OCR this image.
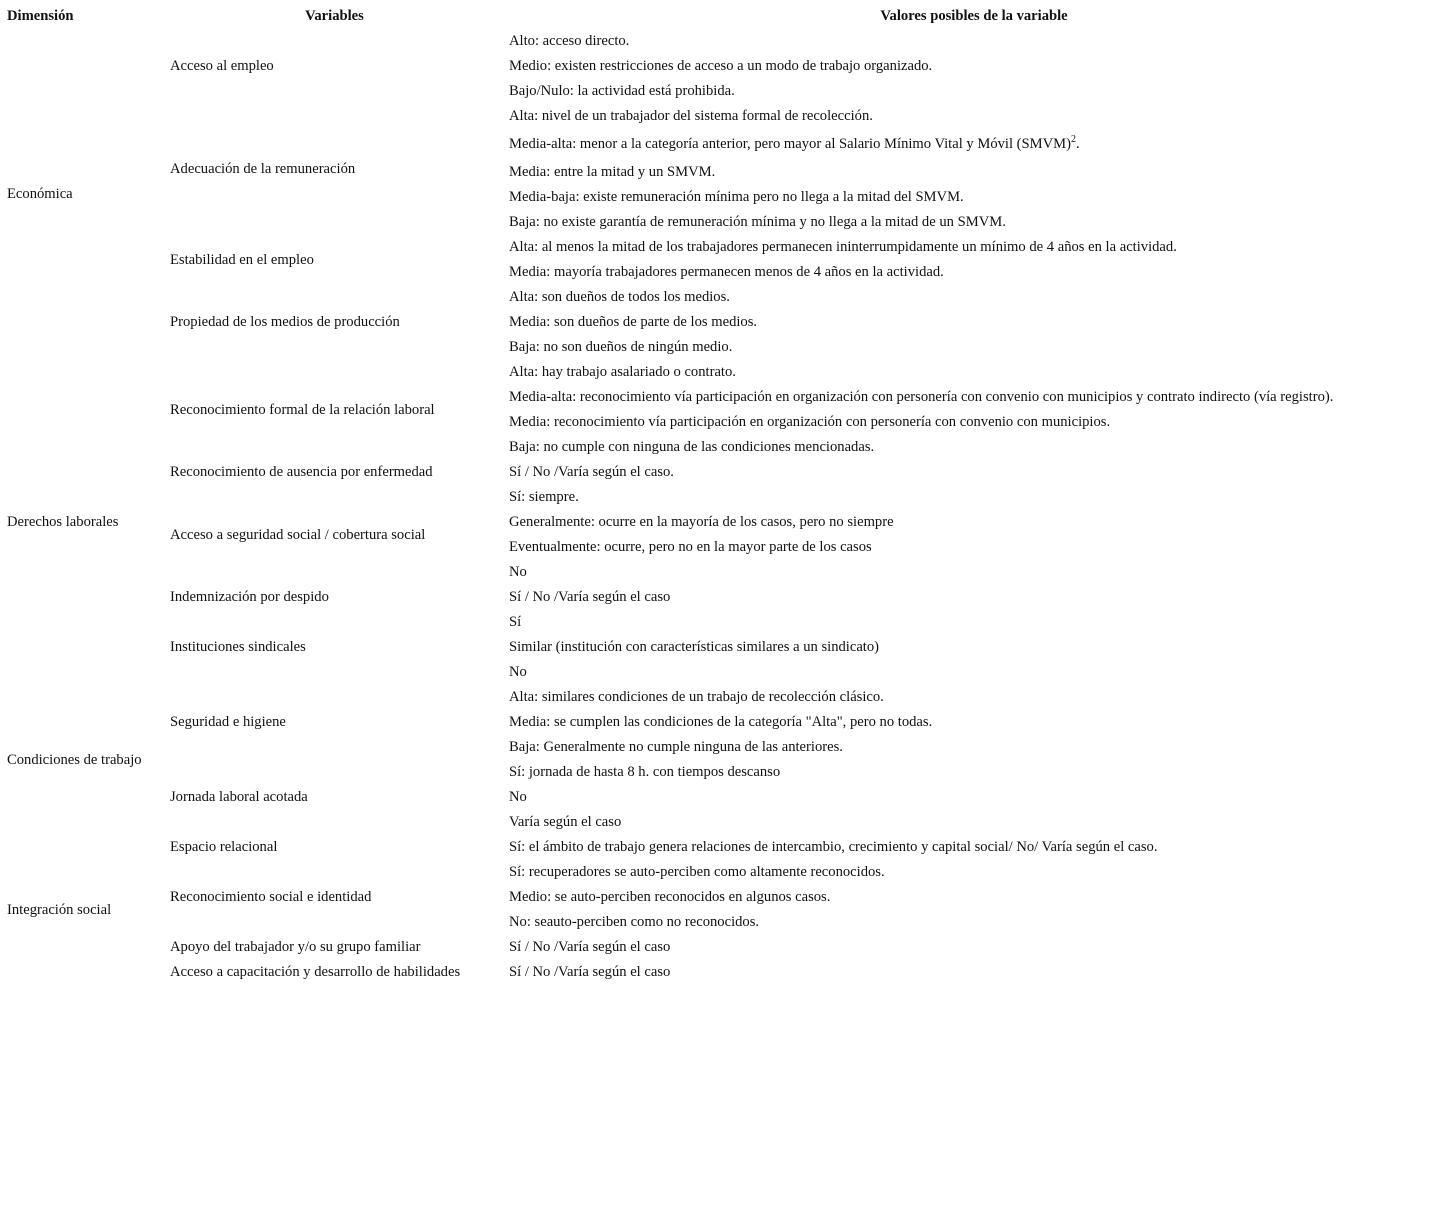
Dimensión	Variables	Valores posibles de la variable
Económica	Acceso al empleo	Alto: acceso directo.
		Medio: existen restricciones de acceso a un modo de trabajo organizado.
		Bajo/Nulo: la actividad está prohibida.
	Adecuación de la remuneración	Alta: nivel de un trabajador del sistema formal de recolección.
		Media-alta: menor a la categoría anterior, pero mayor al Salario Mínimo Vital y Móvil (SMVM)$^2$.
		Media: entre la mitad y un SMVM.
		Media-baja: existe remuneración mínima pero no llega a la mitad del SMVM.
		Baja: no existe garantía de remuneración mínima y no llega a la mitad de un SMVM.
	Estabilidad en el empleo	Alta: al menos la mitad de los trabajadores permanecen ininterrumpidamente un mínimo de 4 años en la actividad.
		Media: mayoría trabajadores permanecen menos de 4 años en la actividad.
	Propiedad de los medios de producción	Alta: son dueños de todos los medios.
		Media: son dueños de parte de los medios.
		Baja: no son dueños de ningún medio.
Derechos laborales	Reconocimiento formal de la relación laboral	Alta: hay trabajo asalariado o contrato.
		Media-alta: reconocimiento vía participación en organización con personería con convenio con municipios y contrato indirecto (vía registro).
		Media: reconocimiento vía participación en organización con personería con convenio con municipios.
		Baja: no cumple con ninguna de las condiciones mencionadas.
	Reconocimiento de ausencia por enfermedad	Sí / No /Varía según el caso.
	Acceso a seguridad social / cobertura social	Sí: siempre.
		Generalmente: ocurre en la mayoría de los casos, pero no siempre
		Eventualmente: ocurre, pero no en la mayor parte de los casos
		No
	Indemnización por despido	Sí / No /Varía según el caso
	Instituciones sindicales	Sí
		Similar (institución con características similares a un sindicato)
		No
Condiciones de trabajo	Seguridad e higiene	Alta: similares condiciones de un trabajo de recolección clásico.
		Media: se cumplen las condiciones de la categoría "Alta", pero no todas.
		Baja: Generalmente no cumple ninguna de las anteriores.
	Jornada laboral acotada	Sí: jornada de hasta 8 h. con tiempos descanso
		No
		Varía según el caso
Integración social	Espacio relacional	Sí: el ámbito de trabajo genera relaciones de intercambio, crecimiento y capital social/ No/ Varía según el caso.
	Reconocimiento social e identidad	Sí: recuperadores se auto-perciben como altamente reconocidos.
		Medio: se auto-perciben reconocidos en algunos casos.
		No: seauto-perciben como no reconocidos.
	Apoyo del trabajador y/o su grupo familiar	Sí / No /Varía según el caso
	Acceso a capacitación y desarrollo de habilidades	Sí / No /Varía según el caso
